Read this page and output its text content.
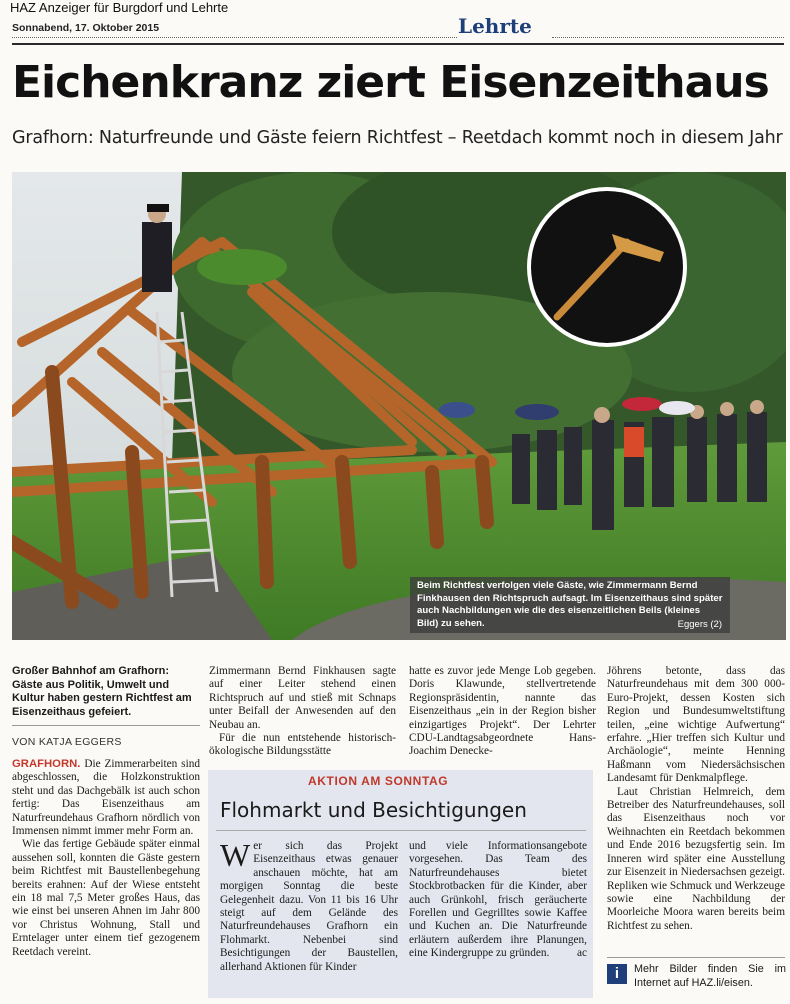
HAZ Anzeiger für Burgdorf und Lehrte
Sonnabend, 17. Oktober 2015	Lehrte
Eichenkranz ziert Eisenzeithaus
Grafhorn: Naturfreunde und Gäste feiern Richtfest – Reetdach kommt noch in diesem Jahr

Beim Richtfest verfolgen viele Gäste, wie Zimmermann Bernd Finkhausen den Richtspruch aufsagt. Im Eisenzeithaus sind später auch Nachbildungen wie die des eisenzeitlichen Beils (kleines Bild) zu sehen.	Eggers (2)
Großer Bahnhof am Grafhorn: Gäste aus Politik, Umwelt und Kultur haben gestern Richtfest am Eisenzeithaus gefeiert.
VON KATJA EGGERS

GRAFHORN. Die Zimmerarbeiten sind abgeschlossen, die Holzkonstruktion steht und das Dachgebälk ist auch schon fertig: Das Eisenzeithaus am Naturfreundehaus Grafhorn nördlich von Immensen nimmt immer mehr Form an.

Wie das fertige Gebäude später einmal aussehen soll, konnten die Gäste gestern beim Richtfest mit Baustellenbegehung bereits erahnen: Auf der Wiese entsteht ein 18 mal 7,5 Meter großes Haus, das wie einst bei unseren Ahnen im Jahr 800 vor Christus Wohnung, Stall und Erntelager unter einem tief gezogenem Reetdach vereint.

Zimmermann Bernd Finkhausen sagte auf einer Leiter stehend einen Richtspruch auf und stieß mit Schnaps unter Beifall der Anwesenden auf den Neubau an.

Für die nun entstehende historisch-ökologische Bildungsstätte

hatte es zuvor jede Menge Lob gegeben. Doris Klawunde, stellvertretende Regionspräsidentin, nannte das Eisenzeithaus „ein in der Region bisher einzigartiges Projekt“. Der Lehrter CDU-Landtagsabgeordnete Hans-Joachim Denecke-

Jöhrens betonte, dass das Naturfreundehaus mit dem 300 000-Euro-Projekt, dessen Kosten sich Region und Bundesumweltstiftung teilen, „eine wichtige Aufwertung“ erfahre. „Hier treffen sich Kultur und Archäologie“, meinte Henning Haßmann vom Niedersächsischen Landesamt für Denkmalpflege.

Laut Christian Helmreich, dem Betreiber des Naturfreundehauses, soll das Eisenzeithaus noch vor Weihnachten ein Reetdach bekommen und Ende 2016 bezugsfertig sein. Im Inneren wird später eine Ausstellung zur Eisenzeit in Niedersachsen gezeigt. Repliken wie Schmuck und Werkzeuge sowie eine Nachbildung der Moorleiche Moora waren bereits beim Richtfest zu sehen.

AKTION AM SONNTAG
Flohmarkt und Besichtigungen

Wer sich das Projekt Eisenzeithaus etwas genauer anschauen möchte, hat am morgigen Sonntag die beste Gelegenheit dazu. Von 11 bis 16 Uhr steigt auf dem Gelände des Naturfreundehauses Grafhorn ein Flohmarkt. Nebenbei sind Besichtigungen der Baustellen, allerhand Aktionen für Kinder

und viele Informationsangebote vorgesehen. Das Team des Naturfreundehauses bietet Stockbrotbacken für die Kinder, aber auch Grünkohl, frisch geräucherte Forellen und Gegrilltes sowie Kaffee und Kuchen an. Die Naturfreunde erläutern außerdem ihre Planungen, eine Kindergruppe zu gründen. ac

i	Mehr Bilder finden Sie im Internet auf HAZ.li/eisen.
